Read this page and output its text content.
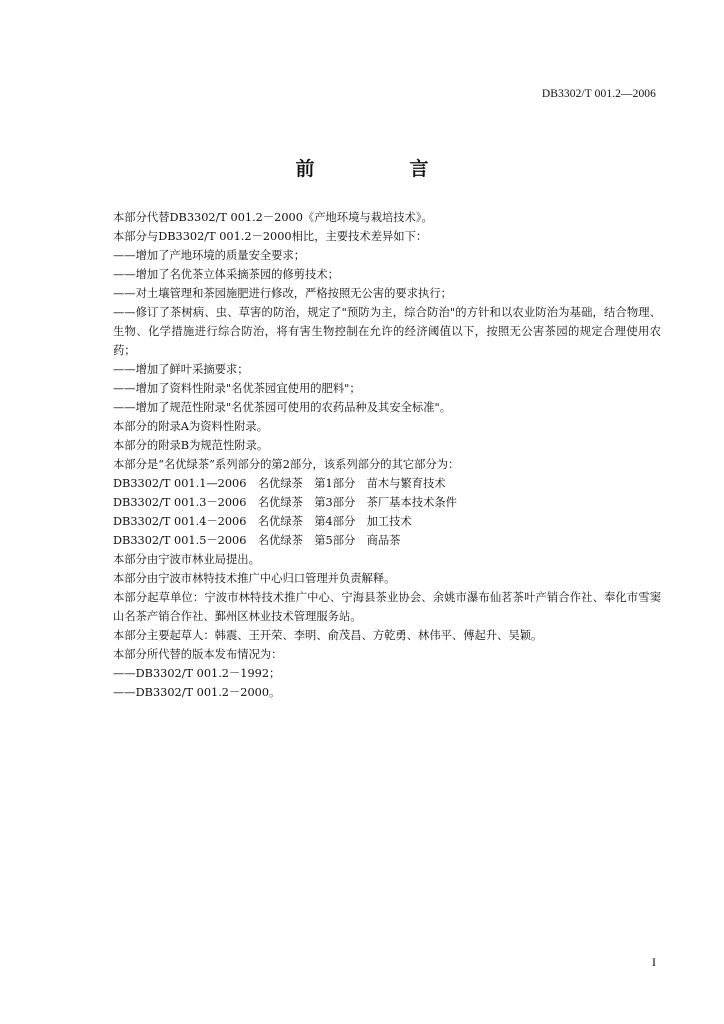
DB3302/T 001.2—2006
前　言
本部分代替DB3302/T 001.2－2000《产地环境与栽培技术》。
本部分与DB3302/T 001.2－2000相比，主要技术差异如下：
——增加了产地环境的质量安全要求；
——增加了名优茶立体采摘茶园的修剪技术；
——对土壤管理和茶园施肥进行修改，严格按照无公害的要求执行；
——修订了茶树病、虫、草害的防治，规定了"预防为主，综合防治"的方针和以农业防治为基础，结合物理、生物、化学措施进行综合防治，将有害生物控制在允许的经济阈值以下，按照无公害茶园的规定合理使用农药；
——增加了鲜叶采摘要求；
——增加了资料性附录"名优茶园宜使用的肥料"；
——增加了规范性附录"名优茶园可使用的农药品种及其安全标准"。
本部分的附录A为资料性附录。
本部分的附录B为规范性附录。
本部分是“名优绿茶”系列部分的第2部分，该系列部分的其它部分为：
DB3302/T 001.1—2006　名优绿茶　第1部分　苗木与繁育技术
DB3302/T 001.3－2006　名优绿茶　第3部分　茶厂基本技术条件
DB3302/T 001.4－2006　名优绿茶　第4部分　加工技术
DB3302/T 001.5－2006　名优绿茶　第5部分　商品茶
本部分由宁波市林业局提出。
本部分由宁波市林特技术推广中心归口管理并负责解释。
本部分起草单位：宁波市林特技术推广中心、宁海县茶业协会、余姚市瀑布仙茗茶叶产销合作社、奉化市雪窦山名茶产销合作社、鄞州区林业技术管理服务站。
本部分主要起草人：韩震、王开荣、李明、俞茂昌、方乾勇、林伟平、傅起升、吴颖。
本部分所代替的版本发布情况为：
——DB3302/T 001.2－1992；
——DB3302/T 001.2－2000。
I
